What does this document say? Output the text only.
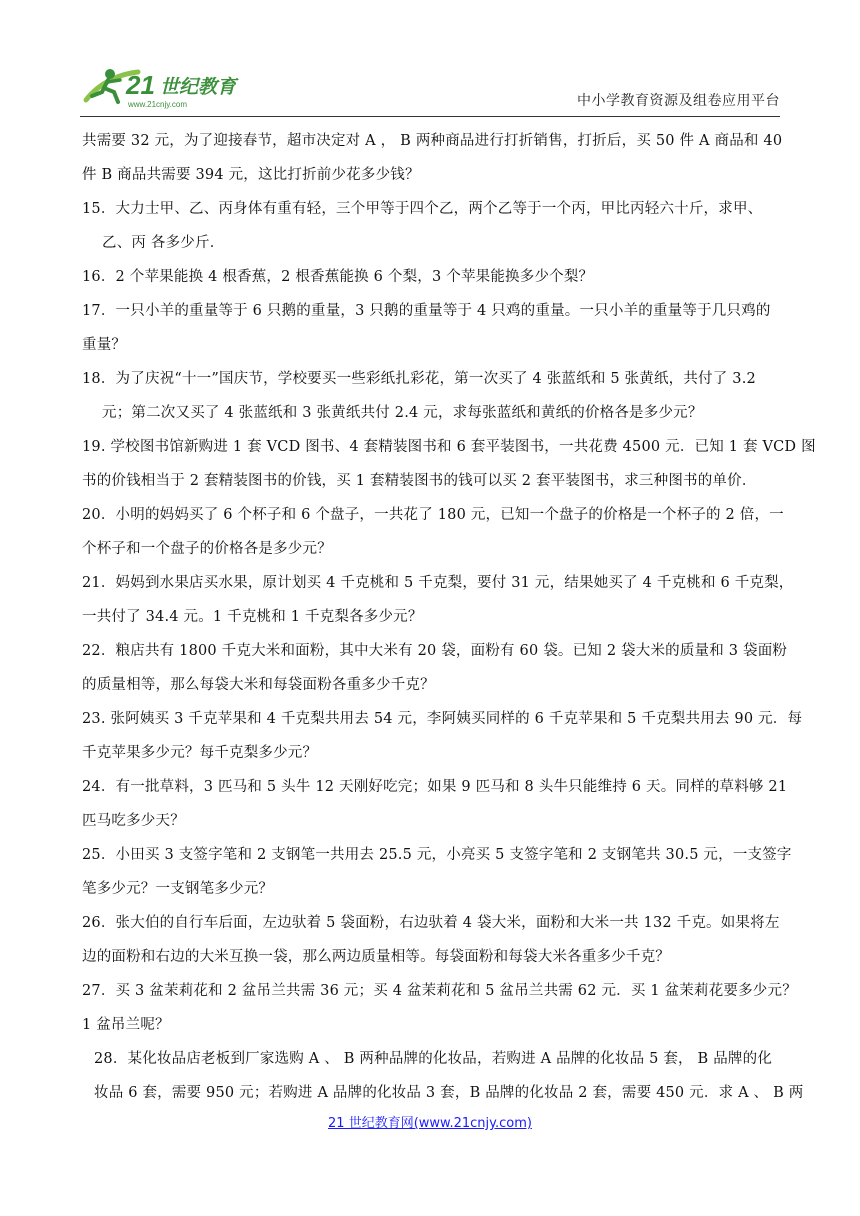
21 世纪教育
www.21cnjy.com	中小学教育资源及组卷应用平台
共需要 32 元，为了迎接春节，超市决定对 A ， B 两种商品进行打折销售，打折后，买 50 件 A 商品和 40
件 B 商品共需要 394 元，这比打折前少花多少钱？
15．大力士甲、乙、丙身体有重有轻，三个甲等于四个乙，两个乙等于一个丙，甲比丙轻六十斤，求甲、
乙、丙 各多少斤．
16．2 个苹果能换 4 根香蕉，2 根香蕉能换 6 个梨，3 个苹果能换多少个梨？
17．一只小羊的重量等于 6 只鹅的重量，3 只鹅的重量等于 4 只鸡的重量。一只小羊的重量等于几只鸡的
重量？
18．为了庆祝“十一”国庆节，学校要买一些彩纸扎彩花，第一次买了 4 张蓝纸和 5 张黄纸，共付了 3.2
元；第二次又买了 4 张蓝纸和 3 张黄纸共付 2.4 元，求每张蓝纸和黄纸的价格各是多少元？
19. 学校图书馆新购进 1 套 VCD 图书、4 套精装图书和 6 套平装图书，一共花费 4500 元．已知 1 套 VCD 图
书的价钱相当于 2 套精装图书的价钱，买 1 套精装图书的钱可以买 2 套平装图书，求三种图书的单价．
20．小明的妈妈买了 6 个杯子和 6 个盘子，一共花了 180 元，已知一个盘子的价格是一个杯子的 2 倍，一
个杯子和一个盘子的价格各是多少元？
21．妈妈到水果店买水果，原计划买 4 千克桃和 5 千克梨，要付 31 元，结果她买了 4 千克桃和 6 千克梨，
一共付了 34.4 元。1 千克桃和 1 千克梨各多少元？
22．粮店共有 1800 千克大米和面粉，其中大米有 20 袋，面粉有 60 袋。已知 2 袋大米的质量和 3 袋面粉
的质量相等，那么每袋大米和每袋面粉各重多少千克？
23. 张阿姨买 3 千克苹果和 4 千克梨共用去 54 元，李阿姨买同样的 6 千克苹果和 5 千克梨共用去 90 元．每
千克苹果多少元？每千克梨多少元？
24．有一批草料，3 匹马和 5 头牛 12 天刚好吃完；如果 9 匹马和 8 头牛只能维持 6 天。同样的草料够 21
匹马吃多少天？
25．小田买 3 支签字笔和 2 支钢笔一共用去 25.5 元，小亮买 5 支签字笔和 2 支钢笔共 30.5 元，一支签字
笔多少元？一支钢笔多少元？
26．张大伯的自行车后面，左边驮着 5 袋面粉，右边驮着 4 袋大米，面粉和大米一共 132 千克。如果将左
边的面粉和右边的大米互换一袋，那么两边质量相等。每袋面粉和每袋大米各重多少千克？
27．买 3 盆茉莉花和 2 盆吊兰共需 36 元；买 4 盆茉莉花和 5 盆吊兰共需 62 元．买 1 盆茉莉花要多少元？
1 盆吊兰呢？
28．某化妆品店老板到厂家选购 A 、 B 两种品牌的化妆品，若购进 A 品牌的化妆品 5 套， B 品牌的化
妆品 6 套，需要 950 元；若购进 A 品牌的化妆品 3 套，B 品牌的化妆品 2 套，需要 450 元．求 A 、 B 两
21 世纪教育网(www.21cnjy.com)
